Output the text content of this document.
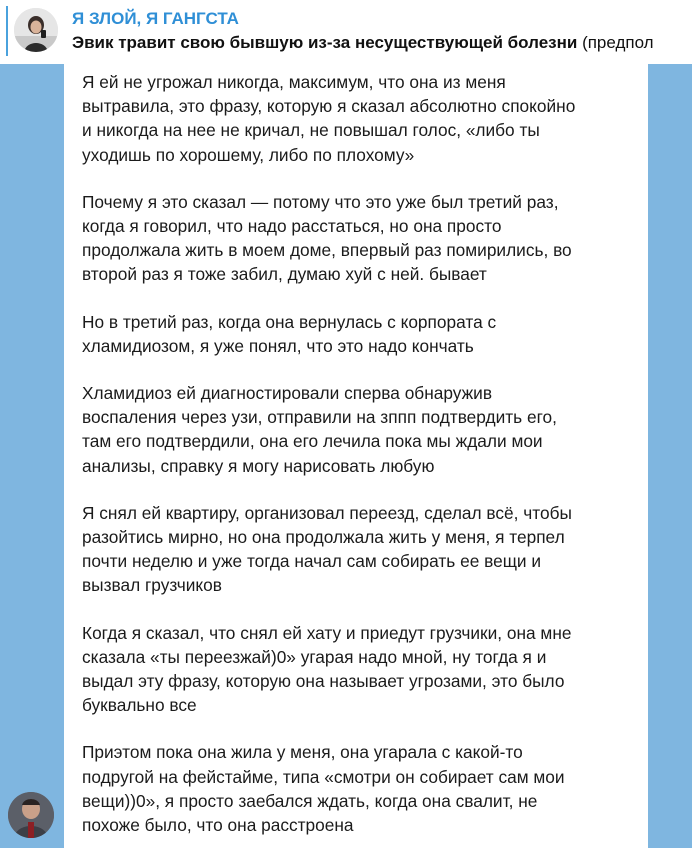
Я ЗЛОЙ, Я ГАНГСТА
Эвик травит свою бывшую из-за несуществующей болезни (предпол

Я ей не угрожал никогда, максимум, что она из меня
вытравила, это фразу, которую я сказал абсолютно спокойно
и никогда на нее не кричал, не повышал голос, «либо ты
уходишь по хорошему, либо по плохому»

Почему я это сказал — потому что это уже был третий раз,
когда я говорил, что надо расстаться, но она просто
продолжала жить в моем доме, впервый раз помирились, во
второй раз я тоже забил, думаю хуй с ней. бывает

Но в третий раз, когда она вернулась с корпората с
хламидиозом, я уже понял, что это надо кончать

Хламидиоз ей диагностировали сперва обнаружив
воспаления через узи, отправили на зппп подтвердить его,
там его подтвердили, она его лечила пока мы ждали мои
анализы, справку я могу нарисовать любую

Я снял ей квартиру, организовал переезд, сделал всё, чтобы
разойтись мирно, но она продолжала жить у меня, я терпел
почти неделю и уже тогда начал сам собирать ее вещи и
вызвал грузчиков

Когда я сказал, что снял ей хату и приедут грузчики, она мне
сказала «ты переезжай)0» угарая надо мной, ну тогда я и
выдал эту фразу, которую она называет угрозами, это было
буквально все

Приэтом пока она жила у меня, она угарала с какой-то
подругой на фейстайме, типа «смотри он собирает сам мои
вещи))0», я просто заебался ждать, когда она свалит, не
похоже было, что она расстроена
